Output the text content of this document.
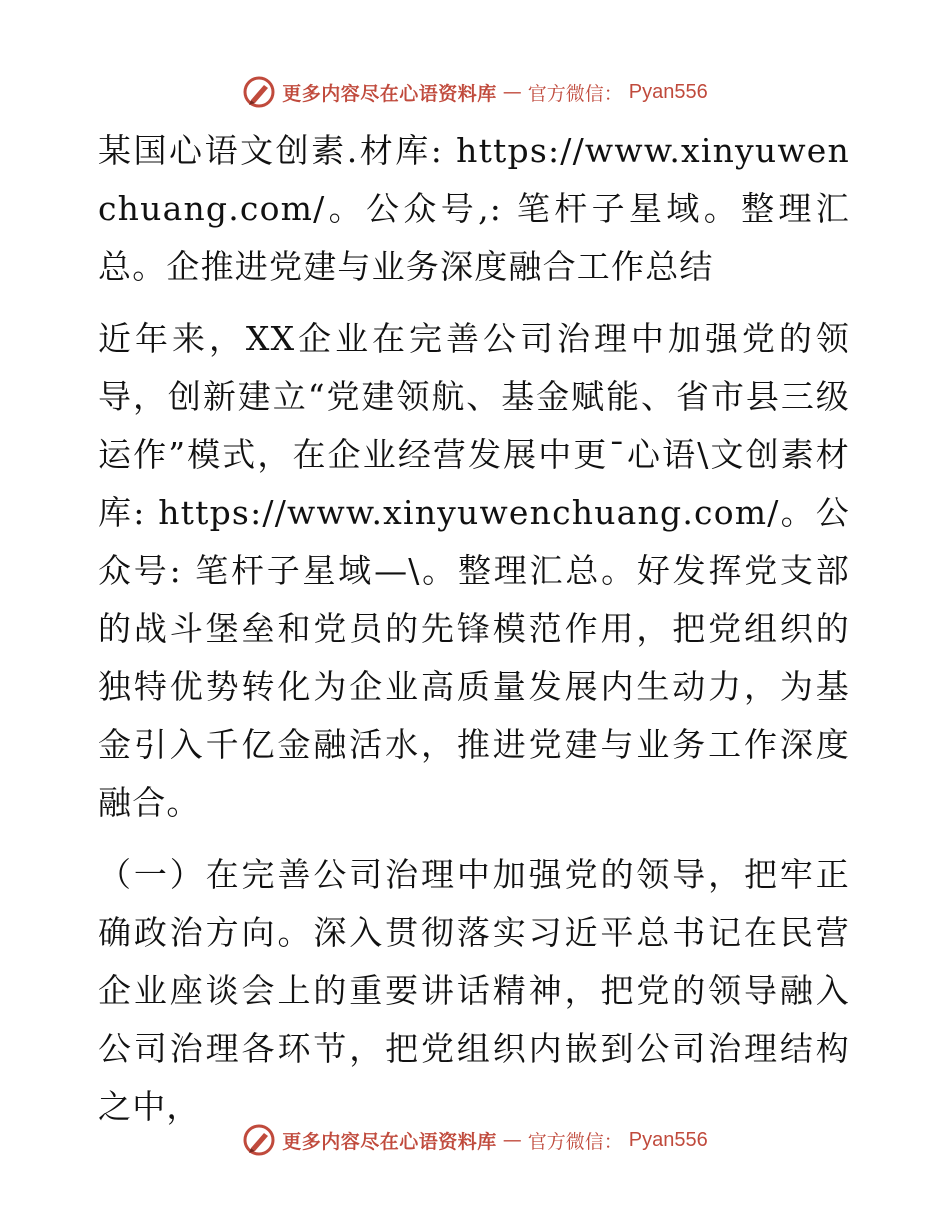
更多内容尽在心语资料库 — 官方微信： Pyan556

某国心语文创素.材库: https://www.xinyuwenchuang.com/。公众号,: 笔杆子星域。整理汇总。企推进党建与业务深度融合工作总结

近年来，XX企业在完善公司治理中加强党的领导，创新建立“党建领航、基金赋能、省市县三级运作”模式，在企业经营发展中更¯心语\文创素材库: https://www.xinyuwenchuang.com/。公众号: 笔杆子星域—\。整理汇总。好发挥党支部的战斗堡垒和党员的先锋模范作用，把党组织的独特优势转化为企业高质量发展内生动力，为基金引入千亿金融活水，推进党建与业务工作深度融合。

（一）在完善公司治理中加强党的领导，把牢正确政治方向。深入贯彻落实习近平总书记在民营企业座谈会上的重要讲话精神，把党的领导融入公司治理各环节，把党组织内嵌到公司治理结构之中，

更多内容尽在心语资料库 — 官方微信： Pyan556
